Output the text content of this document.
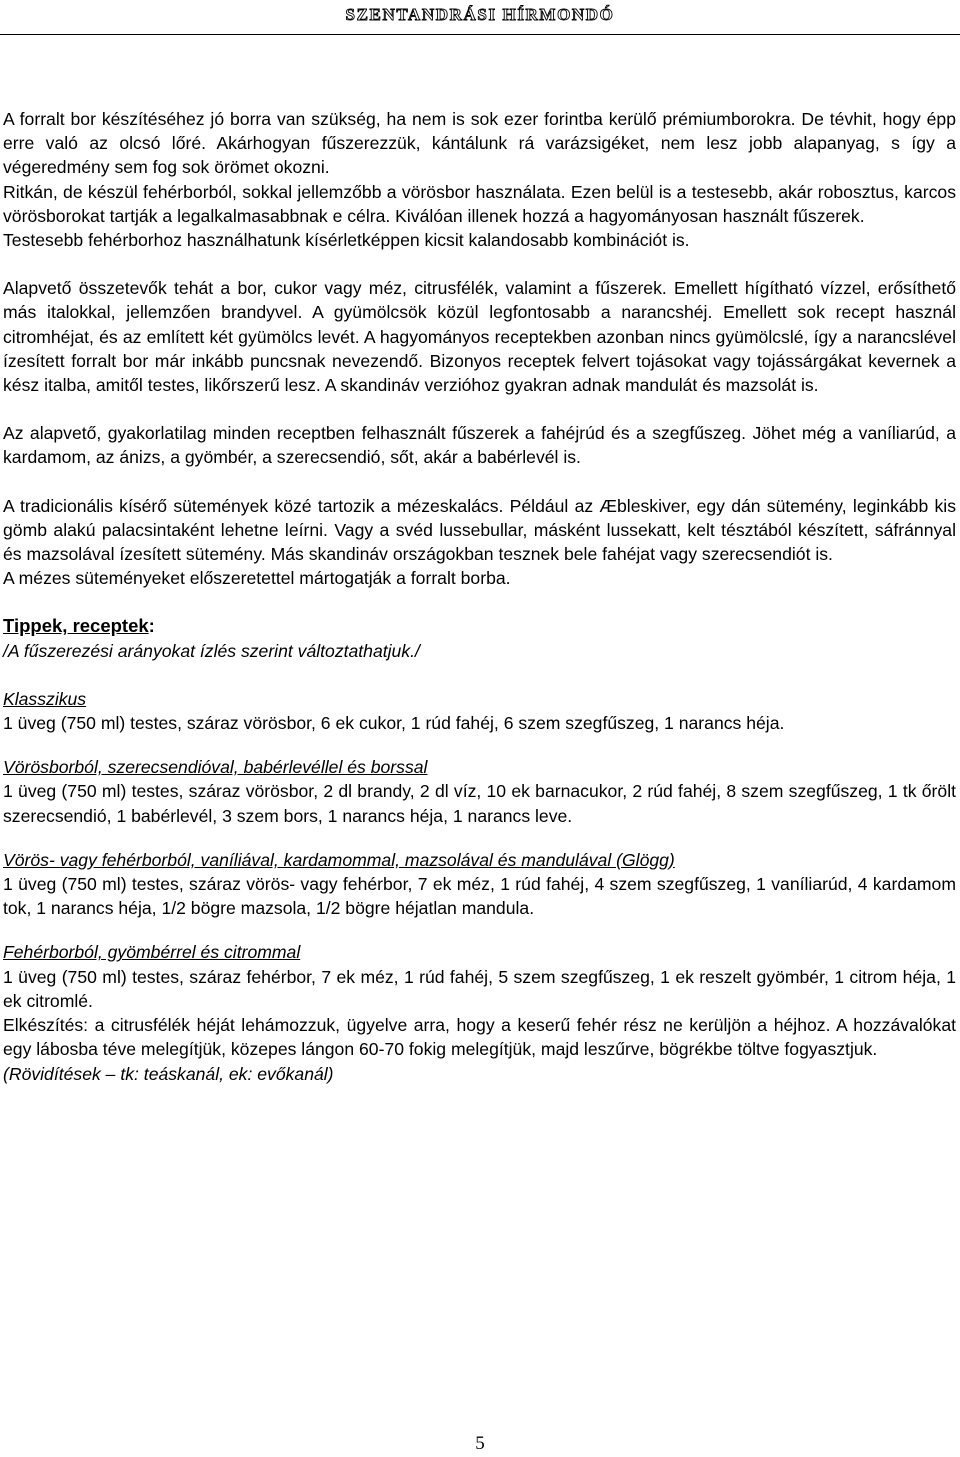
SZENTANDRÁSI HÍRMONDÓ

A forralt bor készítéséhez jó borra van szükség, ha nem is sok ezer forintba kerülő prémiumborokra. De tévhit, hogy épp erre való az olcsó lőré. Akárhogyan fűszerezzük, kántálunk rá varázsigéket, nem lesz jobb alapanyag, s így a végeredmény sem fog sok örömet okozni.

Ritkán, de készül fehérborból, sokkal jellemzőbb a vörösbor használata. Ezen belül is a testesebb, akár robosztus, karcos vörösborokat tartják a legalkalmasabbnak e célra. Kiválóan illenek hozzá a hagyományosan használt fűszerek.

Testesebb fehérborhoz használhatunk kísérletképpen kicsit kalandosabb kombinációt is.

Alapvető összetevők tehát a bor, cukor vagy méz, citrusfélék, valamint a fűszerek. Emellett hígítható vízzel, erősíthető más italokkal, jellemzően brandyvel. A gyümölcsök közül legfontosabb a narancshéj. Emellett sok recept használ citromhéjat, és az említett két gyümölcs levét. A hagyományos receptekben azonban nincs gyümölcslé, így a narancslével ízesített forralt bor már inkább puncsnak nevezendő. Bizonyos receptek felvert tojásokat vagy tojássárgákat kevernek a kész italba, amitől testes, likőrszerű lesz. A skandináv verzióhoz gyakran adnak mandulát és mazsolát is.

Az alapvető, gyakorlatilag minden receptben felhasznált fűszerek a fahéjrúd és a szegfűszeg. Jöhet még a vaníliarúd, a kardamom, az ánizs, a gyömbér, a szerecsendió, sőt, akár a babérlevél is.

A tradicionális kísérő sütemények közé tartozik a mézeskalács. Például az Æbleskiver, egy dán sütemény, leginkább kis gömb alakú palacsintaként lehetne leírni. Vagy a svéd lussebullar, másként lussekatt, kelt tésztából készített, sáfránnyal és mazsolával ízesített sütemény. Más skandináv országokban tesznek bele fahéjat vagy szerecsendiót is.

A mézes süteményeket előszeretettel mártogatják a forralt borba.

Tippek, receptek:

/A fűszerezési arányokat ízlés szerint változtathatjuk./

Klasszikus

1 üveg (750 ml) testes, száraz vörösbor, 6 ek cukor, 1 rúd fahéj, 6 szem szegfűszeg, 1 narancs héja.

Vörösborból, szerecsendióval, babérlevéllel és borssal

1 üveg (750 ml) testes, száraz vörösbor, 2 dl brandy, 2 dl víz, 10 ek barnacukor, 2 rúd fahéj, 8 szem szegfűszeg, 1 tk őrölt szerecsendió, 1 babérlevél, 3 szem bors, 1 narancs héja, 1 narancs leve.

Vörös- vagy fehérborból, vaníliával, kardamommal, mazsolával és mandulával (Glögg)

1 üveg (750 ml) testes, száraz vörös- vagy fehérbor, 7 ek méz, 1 rúd fahéj, 4 szem szegfűszeg, 1 vaníliarúd, 4 kardamom tok, 1 narancs héja, 1/2 bögre mazsola, 1/2 bögre héjatlan mandula.

Fehérborból, gyömbérrel és citrommal

1 üveg (750 ml) testes, száraz fehérbor, 7 ek méz, 1 rúd fahéj, 5 szem szegfűszeg, 1 ek reszelt gyömbér, 1 citrom héja, 1 ek citromlé.

Elkészítés: a citrusfélék héját lehámozzuk, ügyelve arra, hogy a keserű fehér rész ne kerüljön a héjhoz. A hozzávalókat egy lábosba téve melegítjük, közepes lángon 60-70 fokig melegítjük, majd leszűrve, bögrékbe töltve fogyasztjuk.

(Rövidítések – tk: teáskanál, ek: evőkanál)

5
